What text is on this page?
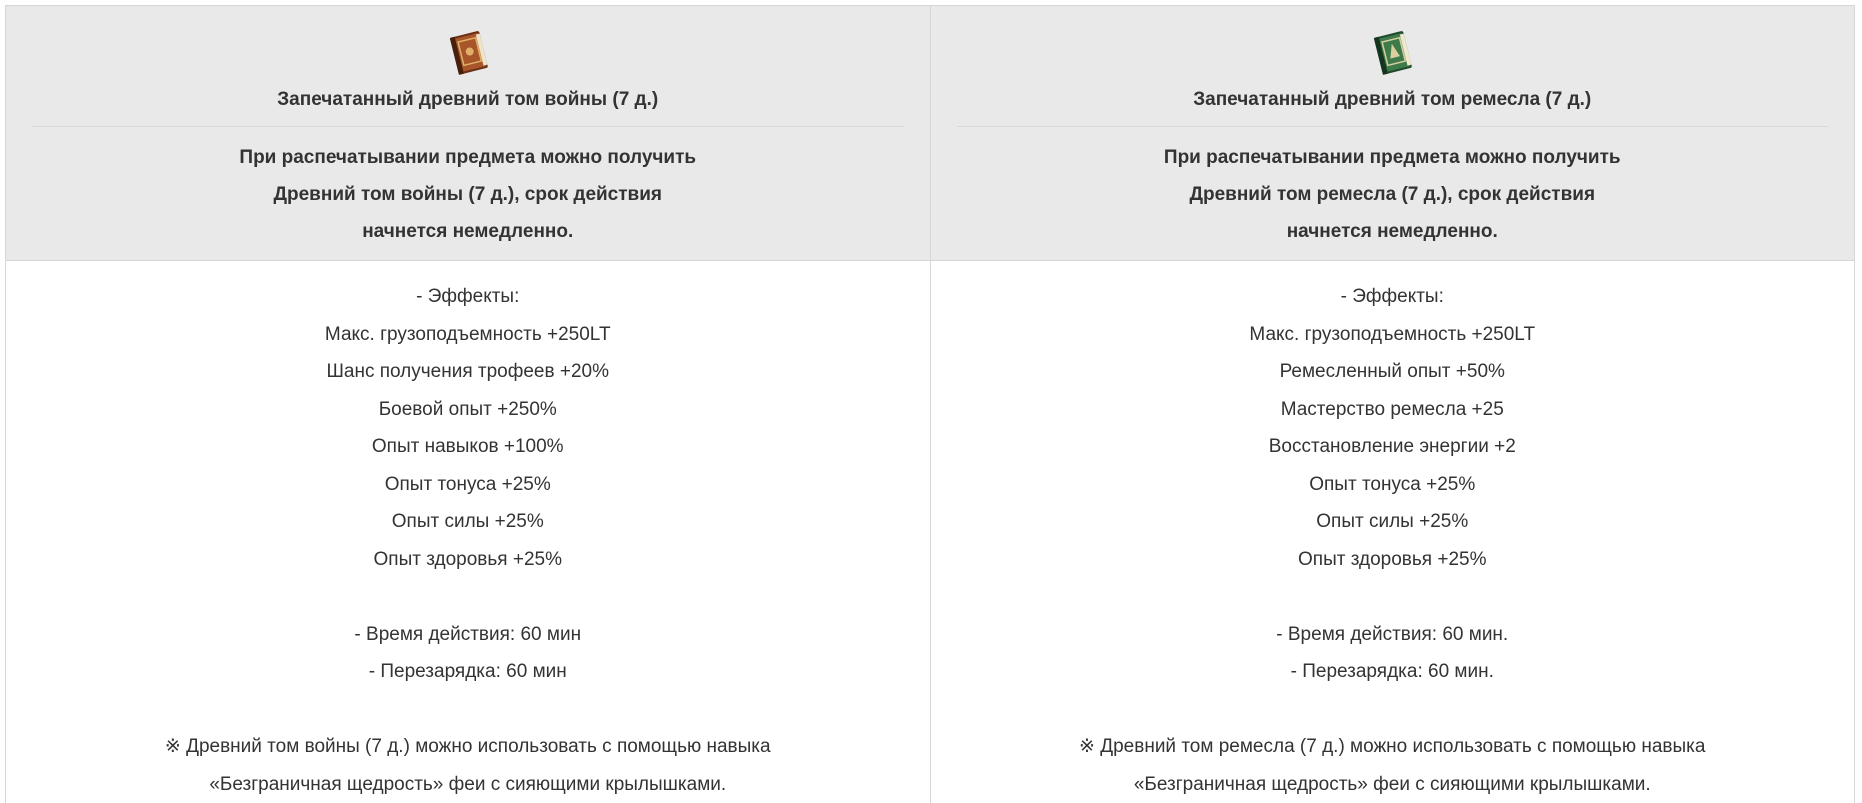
Запечатанный древний том войны (7 д.)
При распечатывании предмета можно получить
Древний том войны (7 д.), срок действия
начнется немедленно.
- Эффекты:
Макс. грузоподъемность +250LT
Шанс получения трофеев +20%
Боевой опыт +250%
Опыт навыков +100%
Опыт тонуса +25%
Опыт силы +25%
Опыт здоровья +25%
- Время действия: 60 мин
- Перезарядка: 60 мин
※ Древний том войны (7 д.) можно использовать с помощью навыка
«Безграничная щедрость» феи с сияющими крылышками.
Запечатанный древний том ремесла (7 д.)
При распечатывании предмета можно получить
Древний том ремесла (7 д.), срок действия
начнется немедленно.
- Эффекты:
Макс. грузоподъемность +250LT
Ремесленный опыт +50%
Мастерство ремесла +25
Восстановление энергии +2
Опыт тонуса +25%
Опыт силы +25%
Опыт здоровья +25%
- Время действия: 60 мин.
- Перезарядка: 60 мин.
※ Древний том ремесла (7 д.) можно использовать с помощью навыка
«Безграничная щедрость» феи с сияющими крылышками.
